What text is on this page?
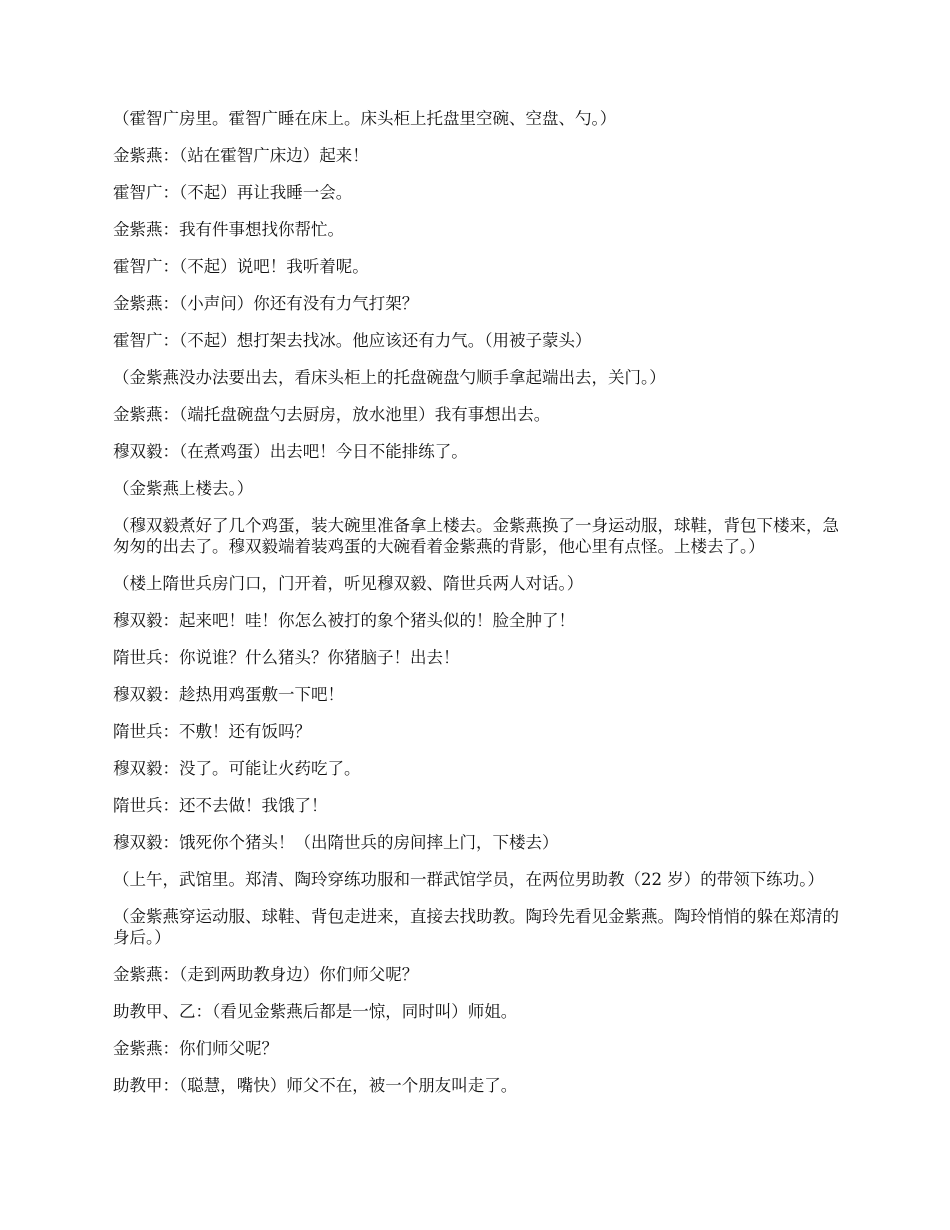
（霍智广房里。霍智广睡在床上。床头柜上托盘里空碗、空盘、勺。）

金紫燕：（站在霍智广床边）起来！

霍智广：（不起）再让我睡一会。

金紫燕：我有件事想找你帮忙。

霍智广：（不起）说吧！我听着呢。

金紫燕：（小声问）你还有没有力气打架？

霍智广：（不起）想打架去找冰。他应该还有力气。（用被子蒙头）

（金紫燕没办法要出去，看床头柜上的托盘碗盘勺顺手拿起端出去，关门。）

金紫燕：（端托盘碗盘勺去厨房，放水池里）我有事想出去。

穆双毅：（在煮鸡蛋）出去吧！今日不能排练了。

（金紫燕上楼去。）

（穆双毅煮好了几个鸡蛋，装大碗里准备拿上楼去。金紫燕换了一身运动服，球鞋，背包下楼来，急匆匆的出去了。穆双毅端着装鸡蛋的大碗看着金紫燕的背影，他心里有点怪。上楼去了。）

（楼上隋世兵房门口，门开着，听见穆双毅、隋世兵两人对话。）

穆双毅：起来吧！哇！你怎么被打的象个猪头似的！脸全肿了！

隋世兵：你说谁？什么猪头？你猪脑子！出去！

穆双毅：趁热用鸡蛋敷一下吧！

隋世兵：不敷！还有饭吗？

穆双毅：没了。可能让火药吃了。

隋世兵：还不去做！我饿了！

穆双毅：饿死你个猪头！（出隋世兵的房间摔上门，下楼去）

（上午，武馆里。郑清、陶玲穿练功服和一群武馆学员，在两位男助教（22 岁）的带领下练功。）

（金紫燕穿运动服、球鞋、背包走进来，直接去找助教。陶玲先看见金紫燕。陶玲悄悄的躲在郑清的身后。）

金紫燕：（走到两助教身边）你们师父呢？

助教甲、乙：（看见金紫燕后都是一惊，同时叫）师姐。

金紫燕：你们师父呢？

助教甲：（聪慧，嘴快）师父不在，被一个朋友叫走了。
